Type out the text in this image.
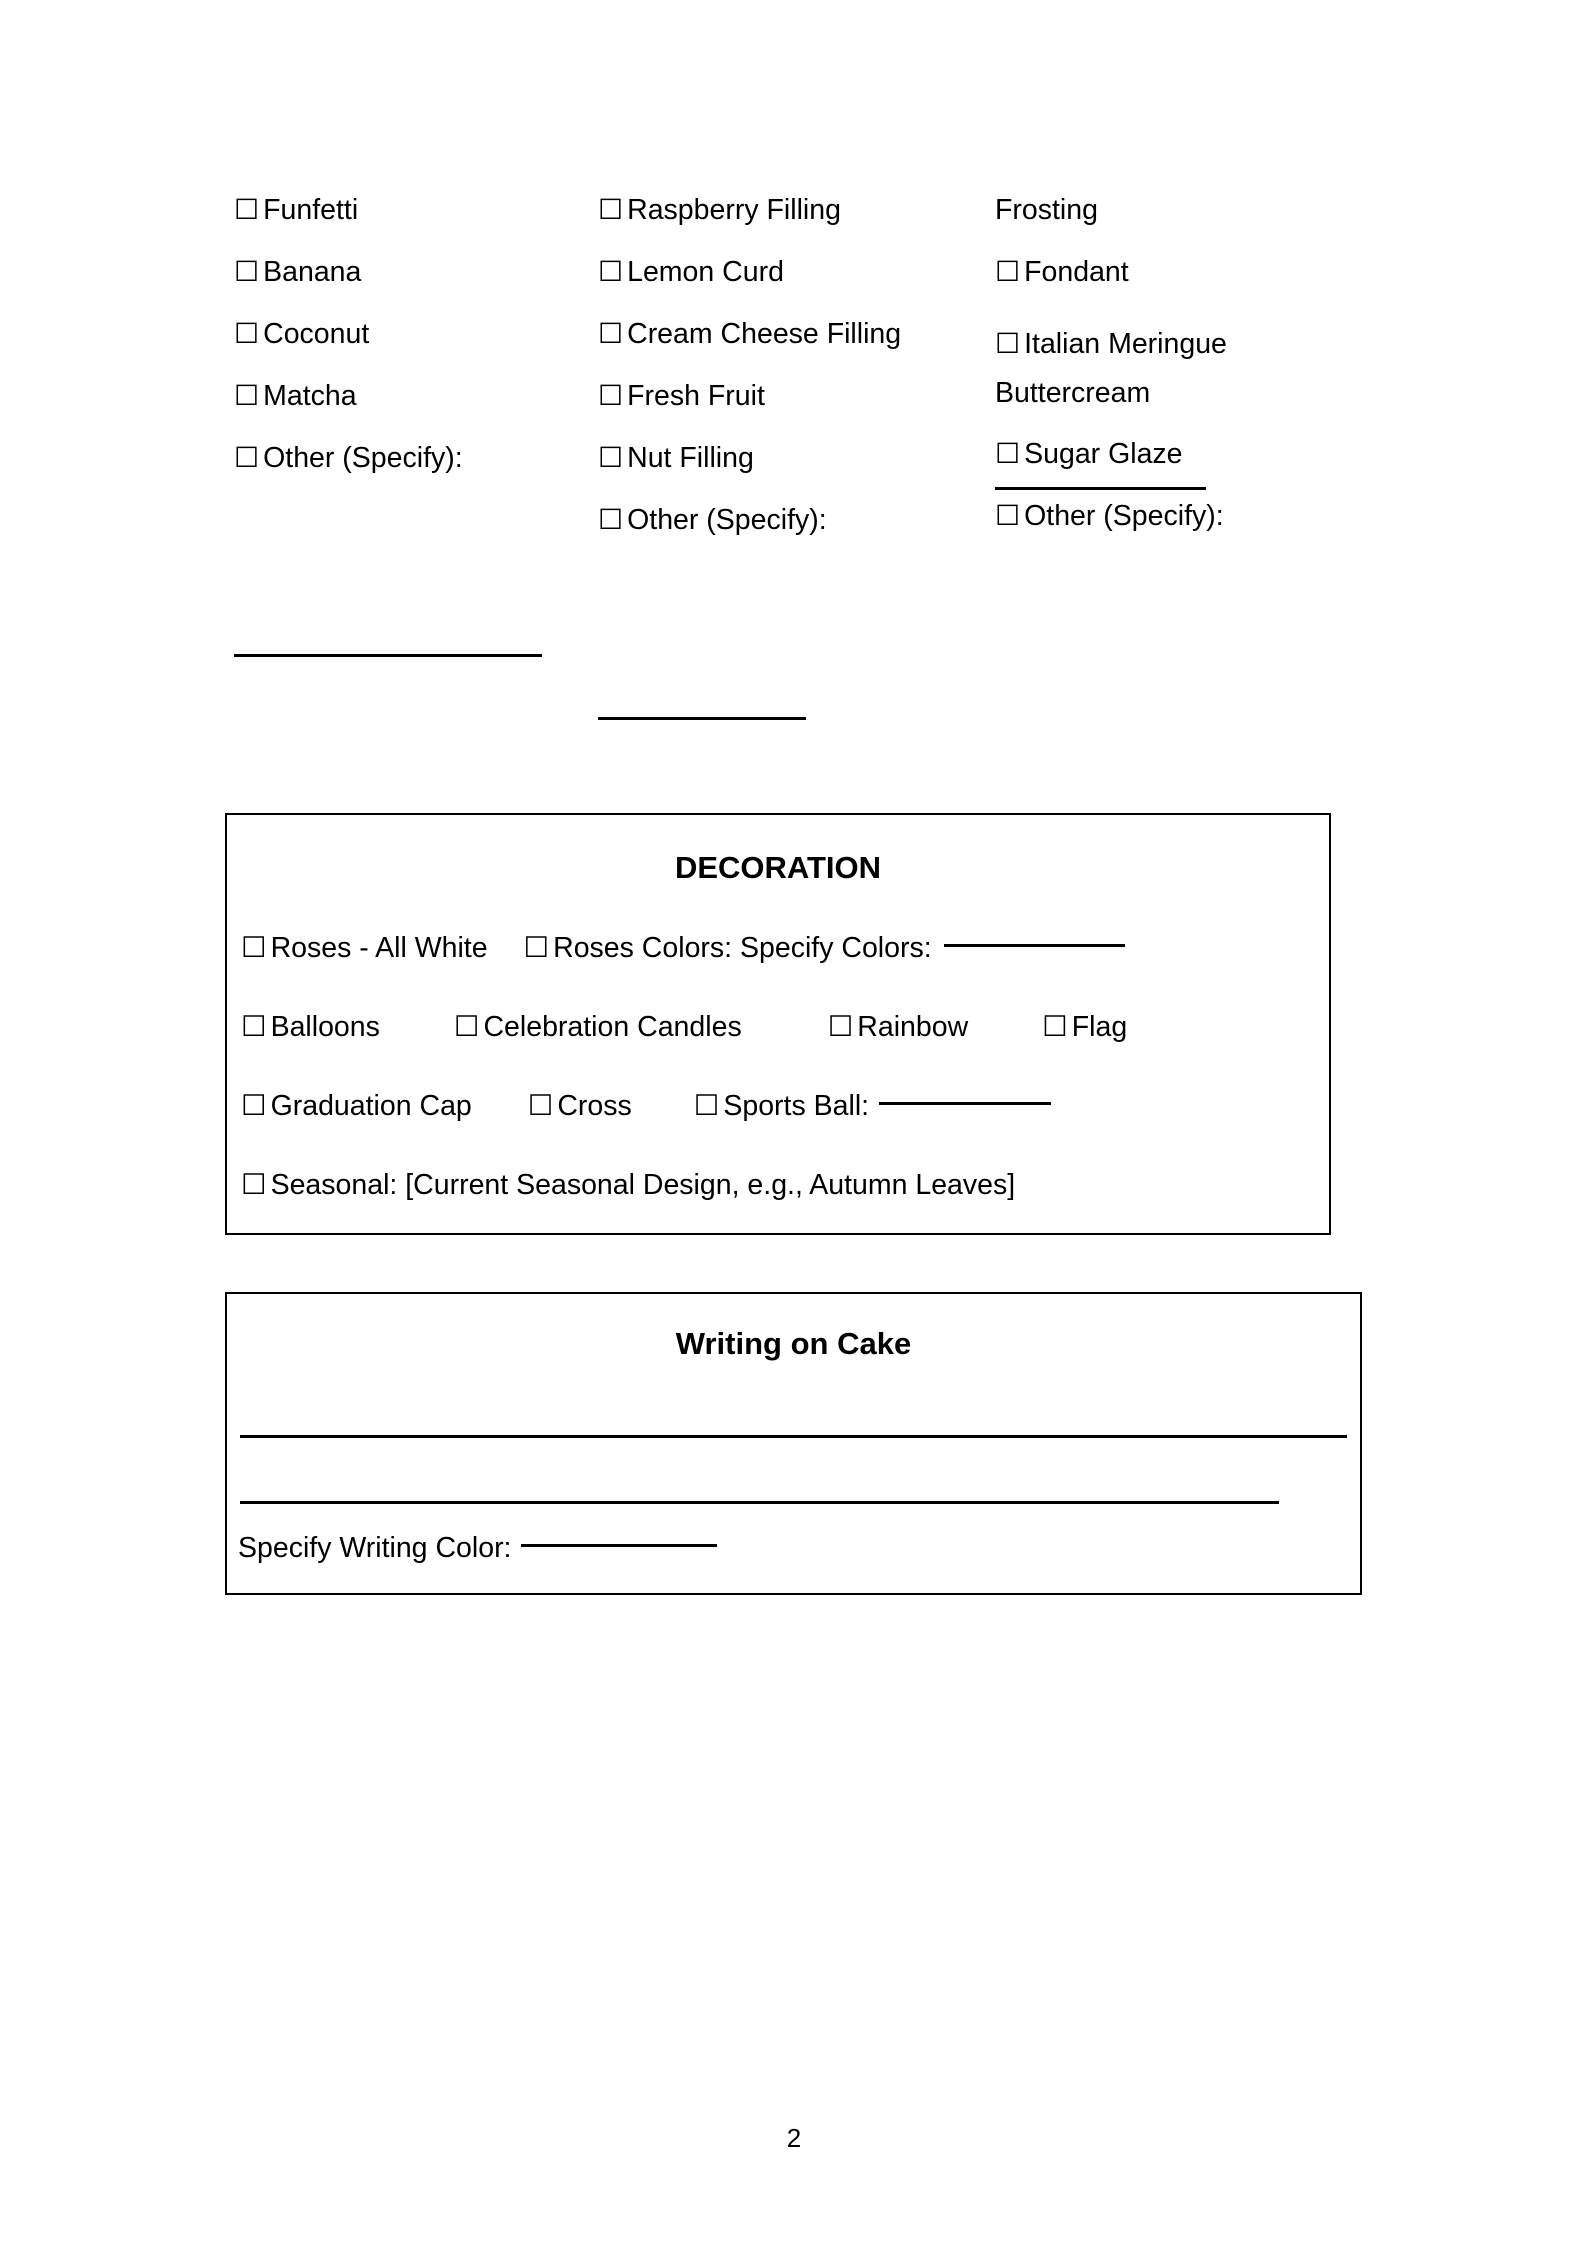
☐ Funfetti
☐ Banana
☐ Coconut
☐ Matcha
☐ Other (Specify):
☐ Raspberry Filling
☐ Lemon Curd
☐ Cream Cheese Filling
☐ Fresh Fruit
☐ Nut Filling
☐ Other (Specify):
Frosting
☐ Fondant
☐ Italian Meringue Buttercream
☐ Sugar Glaze
☐ Other (Specify):
DECORATION
☐ Roses - All White ☐ Roses Colors: Specify Colors:
☐ Balloons	☐ Celebration Candles	☐ Rainbow	☐ Flag
☐ Graduation Cap ☐ Cross ☐ Sports Ball:
☐ Seasonal: [Current Seasonal Design, e.g., Autumn Leaves]
Writing on Cake
Specify Writing Color:
2
